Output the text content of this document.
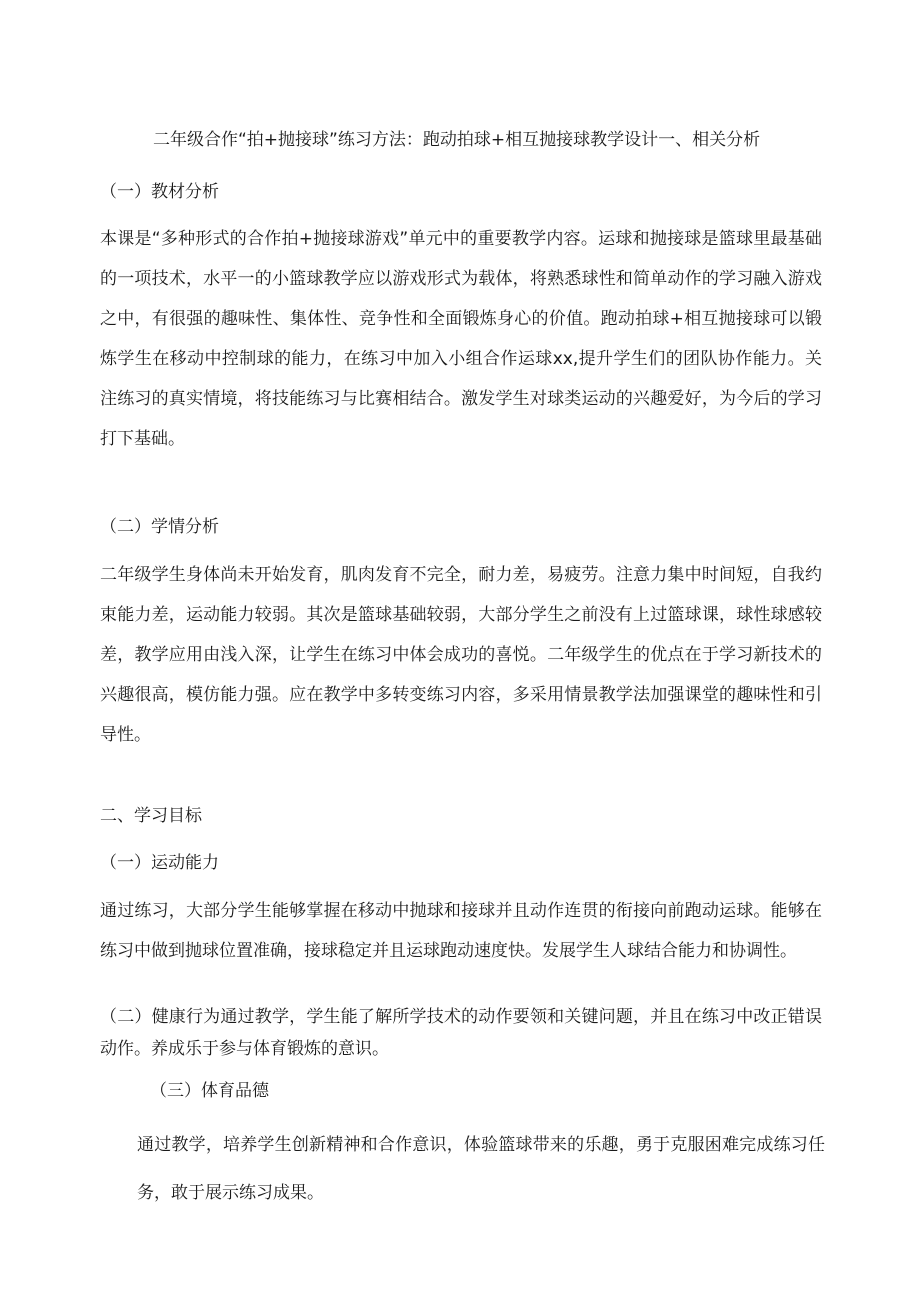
二年级合作“拍+抛接球”练习方法：跑动拍球+相互抛接球教学设计一、相关分析

（一）教材分析

本课是“多种形式的合作拍+抛接球游戏”单元中的重要教学内容。运球和抛接球是篮球里最基础的一项技术，水平一的小篮球教学应以游戏形式为载体，将熟悉球性和简单动作的学习融入游戏之中，有很强的趣味性、集体性、竞争性和全面锻炼身心的价值。跑动拍球+相互抛接球可以锻炼学生在移动中控制球的能力，在练习中加入小组合作运球xx,提升学生们的团队协作能力。关注练习的真实情境，将技能练习与比赛相结合。激发学生对球类运动的兴趣爱好，为今后的学习打下基础。

（二）学情分析

二年级学生身体尚未开始发育，肌肉发育不完全，耐力差，易疲劳。注意力集中时间短，自我约束能力差，运动能力较弱。其次是篮球基础较弱，大部分学生之前没有上过篮球课，球性球感较差，教学应用由浅入深，让学生在练习中体会成功的喜悦。二年级学生的优点在于学习新技术的兴趣很高，模仿能力强。应在教学中多转变练习内容，多采用情景教学法加强课堂的趣味性和引导性。

二、学习目标

（一）运动能力

通过练习，大部分学生能够掌握在移动中抛球和接球并且动作连贯的衔接向前跑动运球。能够在练习中做到抛球位置准确，接球稳定并且运球跑动速度快。发展学生人球结合能力和协调性。

（二）健康行为通过教学，学生能了解所学技术的动作要领和关键问题，并且在练习中改正错误动作。养成乐于参与体育锻炼的意识。

（三）体育品德

通过教学，培养学生创新精神和合作意识，体验篮球带来的乐趣，勇于克服困难完成练习任务，敢于展示练习成果。
